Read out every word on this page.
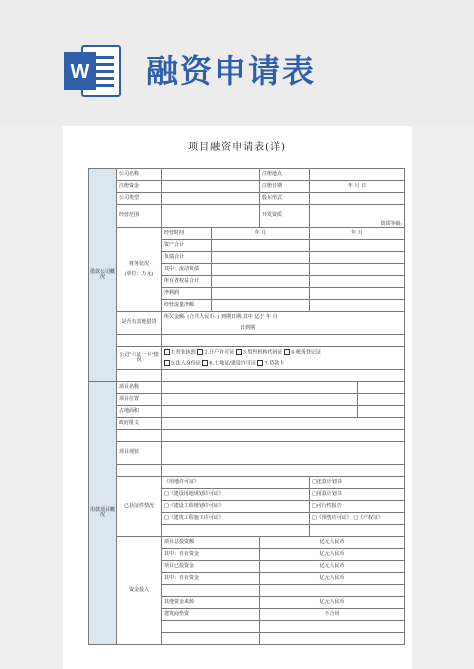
W 融资申请表
项目融资申请表(详)
借款公司概况	公司名称			注册地点			
	注册资金			注册日期	年 月 日		
	公司类型			股东形式			
	经营范围			开发资质	资质等级:		
	财务状况

(单位：万元)	经营时间	年 月		年 月		
		资产合计					
		负债合计					
		其中：流动负债					
		所有者权益合计					
		净利润					
		经营流量净额					
	是否有其他借贷	所欠金额: (合共人民币: ) 到期日期:其中 亿于 年 月					
		日到期					

	公司"六证一卡"情况	1.营业执照 2.开户许可证 3.组织机构代码证 4.税务登记证					
		5.法人身份证 6.土地证/建设许可证 7.贷款卡					

用款项目概况	项目名称						
	项目位置						
	占地面积						
	政府批文						

	项目现状						

	已获证件情况	《用地许可证》			□还款计划书		
		□《建设用地规划许可证》			□用款计划书		
		□《建设工程规划许可证》			□可行性报告		
		□《建筑工程施工许可证》			□《预售许可证》 □《产权证》		

	资金投入	项目总投资额		亿元人民币			
		其中：自有资金		亿元人民币			
		项目已投资金		亿元人民币			
		其中：自有资金		亿元人民币			

		其他资金来源		亿元人民币			
		建筑商垫资		不合用			
